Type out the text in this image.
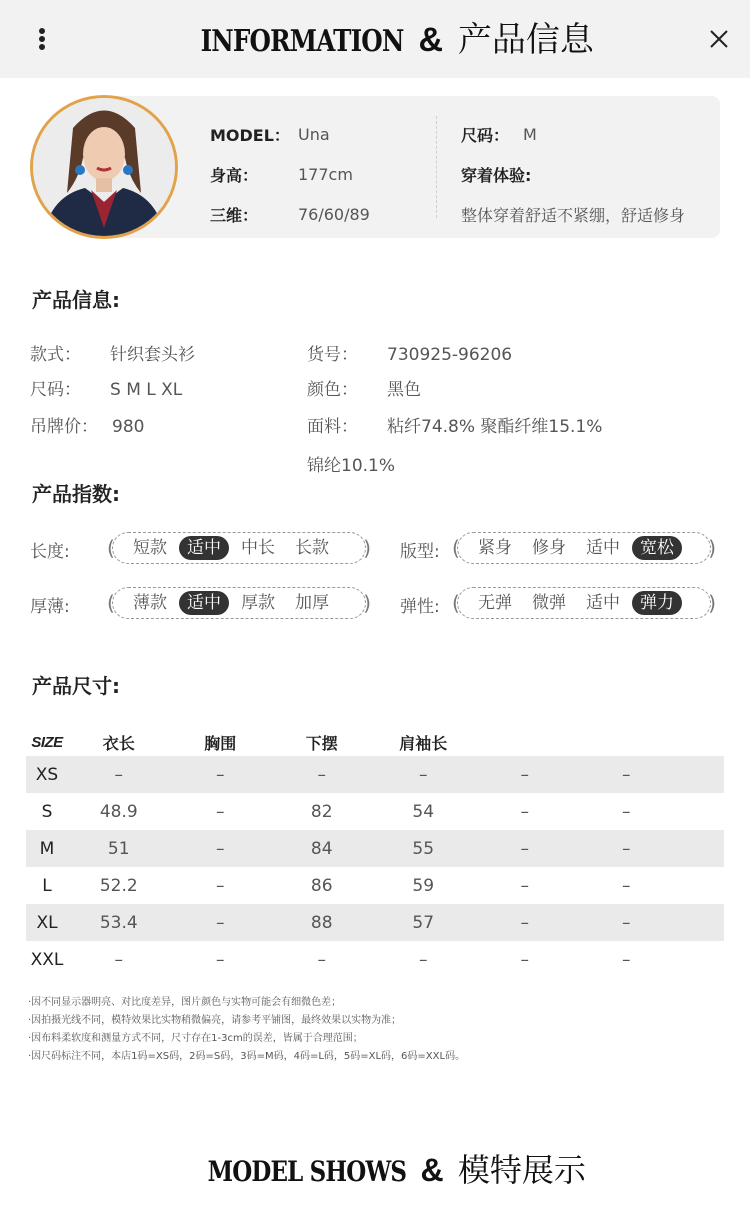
INFORMATION & 产品信息
MODEL： Una
身高：	177cm
三维：	76/60/89
尺码： M
穿着体验:
整体穿着舒适不紧绷，舒适修身
产品信息:
款式： 针织套头衫	货号： 730925-96206
尺码： S M L XL	颜色： 黑色
吊牌价： 980	面料： 粘纤74.8% 聚酯纤维15.1%
锦纶10.1%
产品指数:
长度: (	短款	适中	中长	长款	) 版型: (	紧身	修身	适中	宽松	)
厚薄: (	薄款	适中	厚款	加厚	) 弹性: (	无弹	微弹	适中	弹力	)
产品尺寸:
SIZE	衣长	胸围	下摆	肩袖长
XS	–	–	–	–	–	–
S	48.9	–	82	54	–	–
M	51	–	84	55	–	–
L	52.2	–	86	59	–	–
XL	53.4	–	88	57	–	–
XXL	–	–	–	–	–	–
·因不同显示器明亮、对比度差异，图片颜色与实物可能会有细微色差；
·因拍摄光线不同，模特效果比实物稍微偏亮，请参考平铺图，最终效果以实物为准；
·因布料柔软度和测量方式不同，尺寸存在1-3cm的误差，皆属于合理范围；
·因尺码标注不同，本店1码=XS码，2码=S码，3码=M码，4码=L码，5码=XL码，6码=XXL码。
MODEL SHOWS & 模特展示
